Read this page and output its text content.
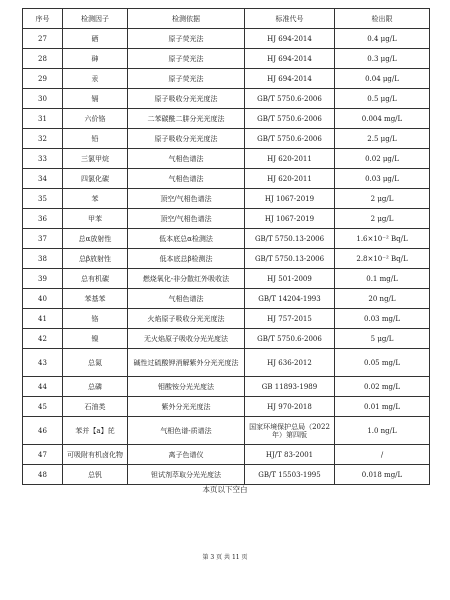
序号	检测因子	检测依据	标准代号	检出限
27	硒	原子荧光法	HJ 694-2014	0.4 μg/L
28	砷	原子荧光法	HJ 694-2014	0.3 μg/L
29	汞	原子荧光法	HJ 694-2014	0.04 μg/L
30	镉	原子吸收分光光度法	GB/T 5750.6-2006	0.5 μg/L
31	六价铬	二苯碳酰二肼分光光度法	GB/T 5750.6-2006	0.004 mg/L
32	铅	原子吸收分光光度法	GB/T 5750.6-2006	2.5 μg/L
33	三氯甲烷	气相色谱法	HJ 620-2011	0.02 μg/L
34	四氯化碳	气相色谱法	HJ 620-2011	0.03 μg/L
35	苯	顶空/气相色谱法	HJ 1067-2019	2 μg/L
36	甲苯	顶空/气相色谱法	HJ 1067-2019	2 μg/L
37	总α放射性	低本底总α检测法	GB/T 5750.13-2006	1.6×10⁻² Bq/L
38	总β放射性	低本底总β检测法	GB/T 5750.13-2006	2.8×10⁻² Bq/L
39	总有机碳	燃烧氧化-非分散红外吸收法	HJ 501-2009	0.1 mg/L
40	苯基苯	气相色谱法	GB/T 14204-1993	20 ng/L
41	铬	火焰原子吸收分光光度法	HJ 757-2015	0.03 mg/L
42	镍	无火焰原子吸收分光光度法	GB/T 5750.6-2006	5 μg/L
43	总氮	碱性过硫酸钾消解紫外分光光度法	HJ 636-2012	0.05 mg/L
44	总磷	钼酸铵分光光度法	GB 11893-1989	0.02 mg/L
45	石油类	紫外分光光度法	HJ 970-2018	0.01 mg/L
46	苯并【a】芘	气相色谱-质谱法	国家环境保护总局（2022年）第四版	1.0 ng/L
47	可吸附有机卤化物	离子色谱仪	HJ/T 83-2001	/
48	总钒	钽试剂萃取分光光度法	GB/T 15503-1995	0.018 mg/L
本页以下空白
第 3 页 共 11 页
